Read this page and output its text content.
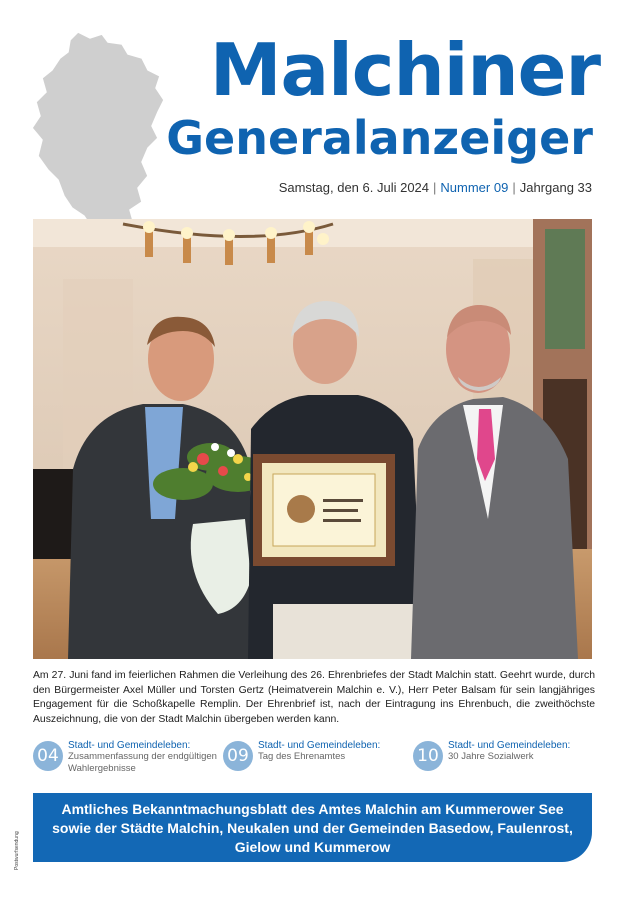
Malchiner
Generalanzeiger
Samstag, den 6. Juli 2024 | Nummer 09 | Jahrgang 33

Am 27. Juni fand im feierlichen Rahmen die Verleihung des 26. Ehrenbriefes der Stadt Malchin statt. Geehrt wurde, durch den Bürgermeister Axel Müller und Torsten Gertz (Heimatverein Malchin e. V.), Herr Peter Balsam für sein langjähriges Engagement für die Schoßkapelle Remplin. Der Ehrenbrief ist, nach der Eintragung ins Ehrenbuch, die zweithöchste Auszeichnung, die von der Stadt Malchin übergeben werden kann.

04
Stadt- und Gemeindeleben:
Zusammenfassung der endgültigen Wahlergebnisse
09
Stadt- und Gemeindeleben:
Tag des Ehrenamtes	10
Stadt- und Gemeindeleben:
30 Jahre Sozialwerk
Amtliches Bekanntmachungsblatt des Amtes Malchin am Kummerower See
sowie der Städte Malchin, Neukalen und der Gemeinden Basedow, Faulenrost,
Gielow und Kummerow
Postwurfsendung
